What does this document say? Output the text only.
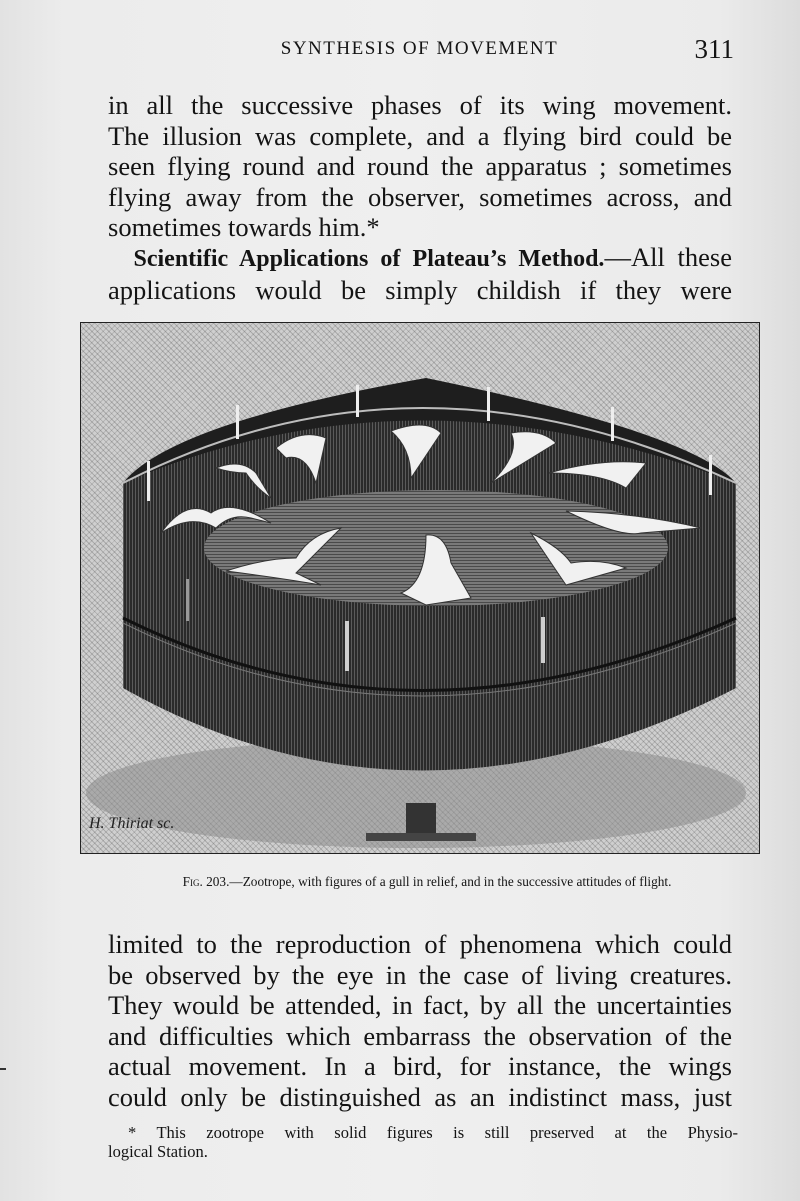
SYNTHESIS OF MOVEMENT	311
in all the successive phases of its wing movement.
The illusion was complete, and a flying bird could be
seen flying round and round the apparatus ; sometimes
flying away from the observer, sometimes across, and
sometimes towards him.*
Scientific Applications of Plateau’s Method.—All these
applications would be simply childish if they were
H. Thiriat sc.
Fig. 203.—Zootrope, with figures of a gull in relief, and in the successive attitudes of flight.
limited to the reproduction of phenomena which could
be observed by the eye in the case of living creatures.
They would be attended, in fact, by all the uncertainties
and difficulties which embarrass the observation of the
actual movement. In a bird, for instance, the wings
could only be distinguished as an indistinct mass, just
* This zootrope with solid figures is still preserved at the Physio-
logical Station.
